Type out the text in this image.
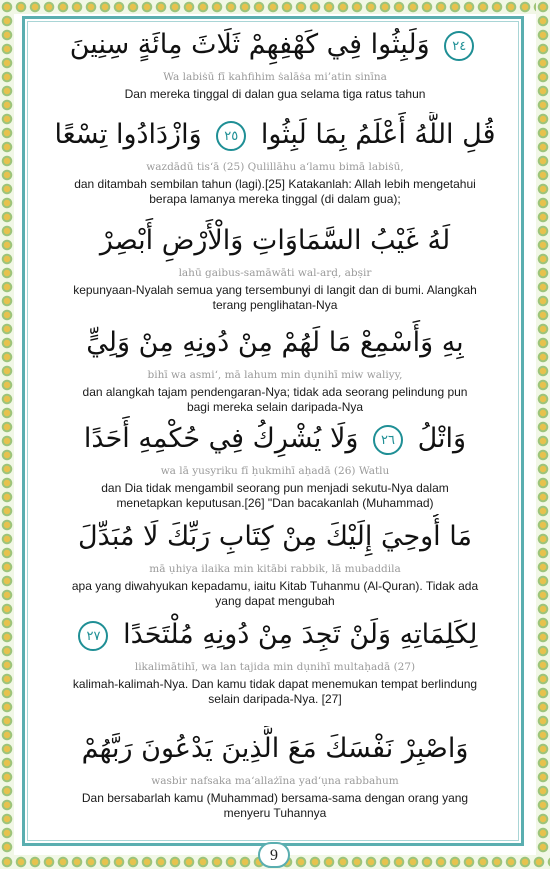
٢٤ وَلَبِثُوا فِي كَهْفِهِمْ ثَلَاثَ مِائَةٍ سِنِينَ
Wa labiṡū fī kahfihim ṡalāṡa mi’atin sinīna
Dan mereka tinggal di dalan gua selama tiga ratus tahun
قُلِ اللَّهُ أَعْلَمُ بِمَا لَبِثُوا ٢٥ وَازْدَادُوا تِسْعًا
wazdādū tis‘ā (25) Qulillāhu a‘lamu bimā labiṡū,
dan ditambah sembilan tahun (lagi).[25] Katakanlah: Allah lebih mengetahui berapa lamanya mereka tinggal (di dalam gua);
لَهُ غَيْبُ السَّمَاوَاتِ وَالْأَرْضِ أَبْصِرْ
lahū gaibus-samāwāti wal-arḍ, abṣir
kepunyaan-Nyalah semua yang tersembunyi di langit dan di bumi. Alangkah terang penglihatan-Nya
بِهِ وَأَسْمِعْ مَا لَهُمْ مِنْ دُونِهِ مِنْ وَلِيٍّ
bihī wa asmi‘, mā lahum min dụnihī miw waliyy,
dan alangkah tajam pendengaran-Nya; tidak ada seorang pelindung pun bagi mereka selain daripada-Nya
وَاتْلُ ٢٦ وَلَا يُشْرِكُ فِي حُكْمِهِ أَحَدًا
wa lā yusyriku fī ḥukmihī aḥadā (26) Watlu
dan Dia tidak mengambil seorang pun menjadi sekutu-Nya dalam menetapkan keputusan.[26] "Dan bacakanlah (Muhammad)
مَا أُوحِيَ إِلَيْكَ مِنْ كِتَابِ رَبِّكَ لَا مُبَدِّلَ
mā ụhiya ilaika min kitābi rabbik, lā mubaddila
apa yang diwahyukan kepadamu, iaitu Kitab Tuhanmu (Al-Quran). Tidak ada yang dapat mengubah
لِكَلِمَاتِهِ وَلَنْ تَجِدَ مِنْ دُونِهِ مُلْتَحَدًا ٢٧
likalimātihī, wa lan tajida min dụnihī multaḥadā (27)
kalimah-kalimah-Nya. Dan kamu tidak dapat menemukan tempat berlindung selain daripada-Nya. [27]
وَاصْبِرْ نَفْسَكَ مَعَ الَّذِينَ يَدْعُونَ رَبَّهُمْ
wasbir nafsaka ma‘allażīna yad‘ụna rabbahum
Dan bersabarlah kamu (Muhammad) bersama-sama dengan orang yang menyeru Tuhannya
9
